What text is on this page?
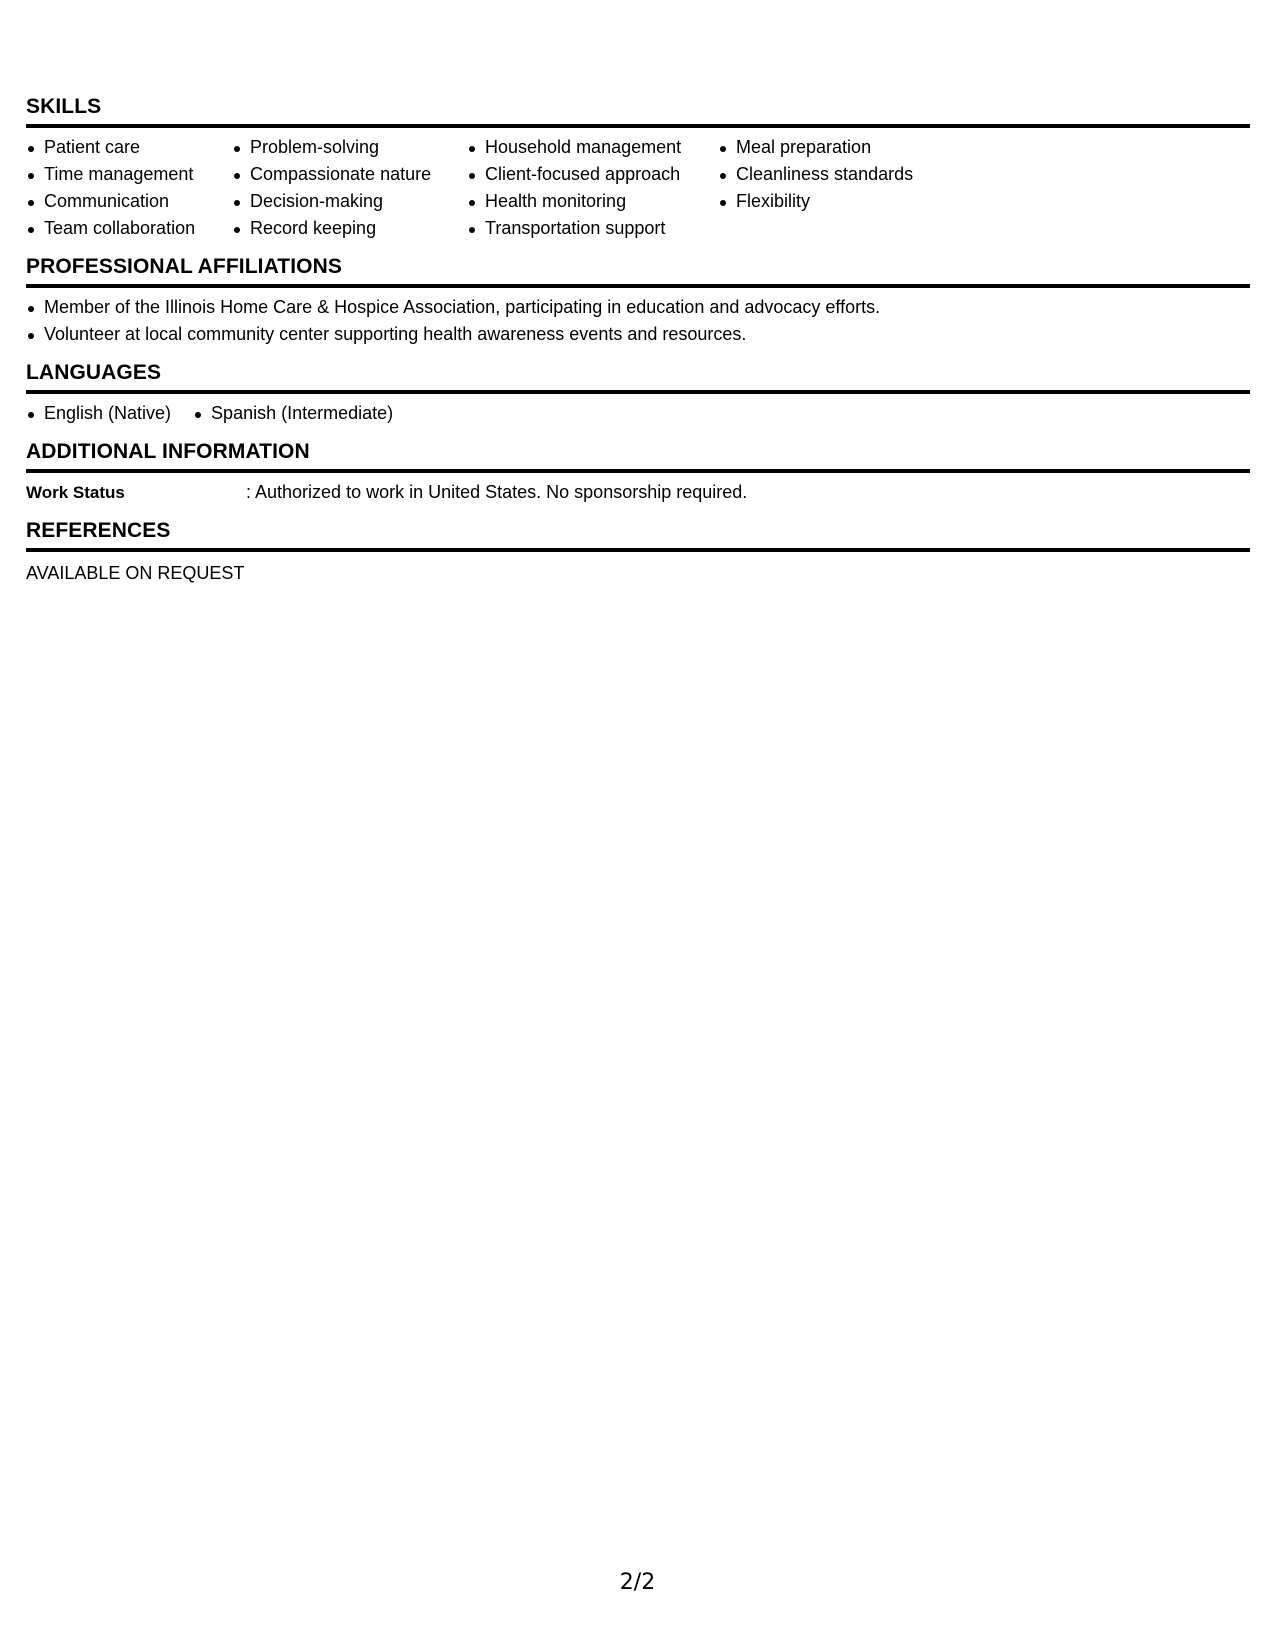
SKILLS
Patient care
Time management
Communication
Team collaboration
Problem-solving
Compassionate nature
Decision-making
Record keeping
Household management
Client-focused approach
Health monitoring
Transportation support
Meal preparation
Cleanliness standards
Flexibility
PROFESSIONAL AFFILIATIONS
Member of the Illinois Home Care & Hospice Association, participating in education and advocacy efforts.
Volunteer at local community center supporting health awareness events and resources.
LANGUAGES
English (Native)	Spanish (Intermediate)
ADDITIONAL INFORMATION
Work Status	: Authorized to work in United States. No sponsorship required.
REFERENCES
AVAILABLE ON REQUEST
2/2
